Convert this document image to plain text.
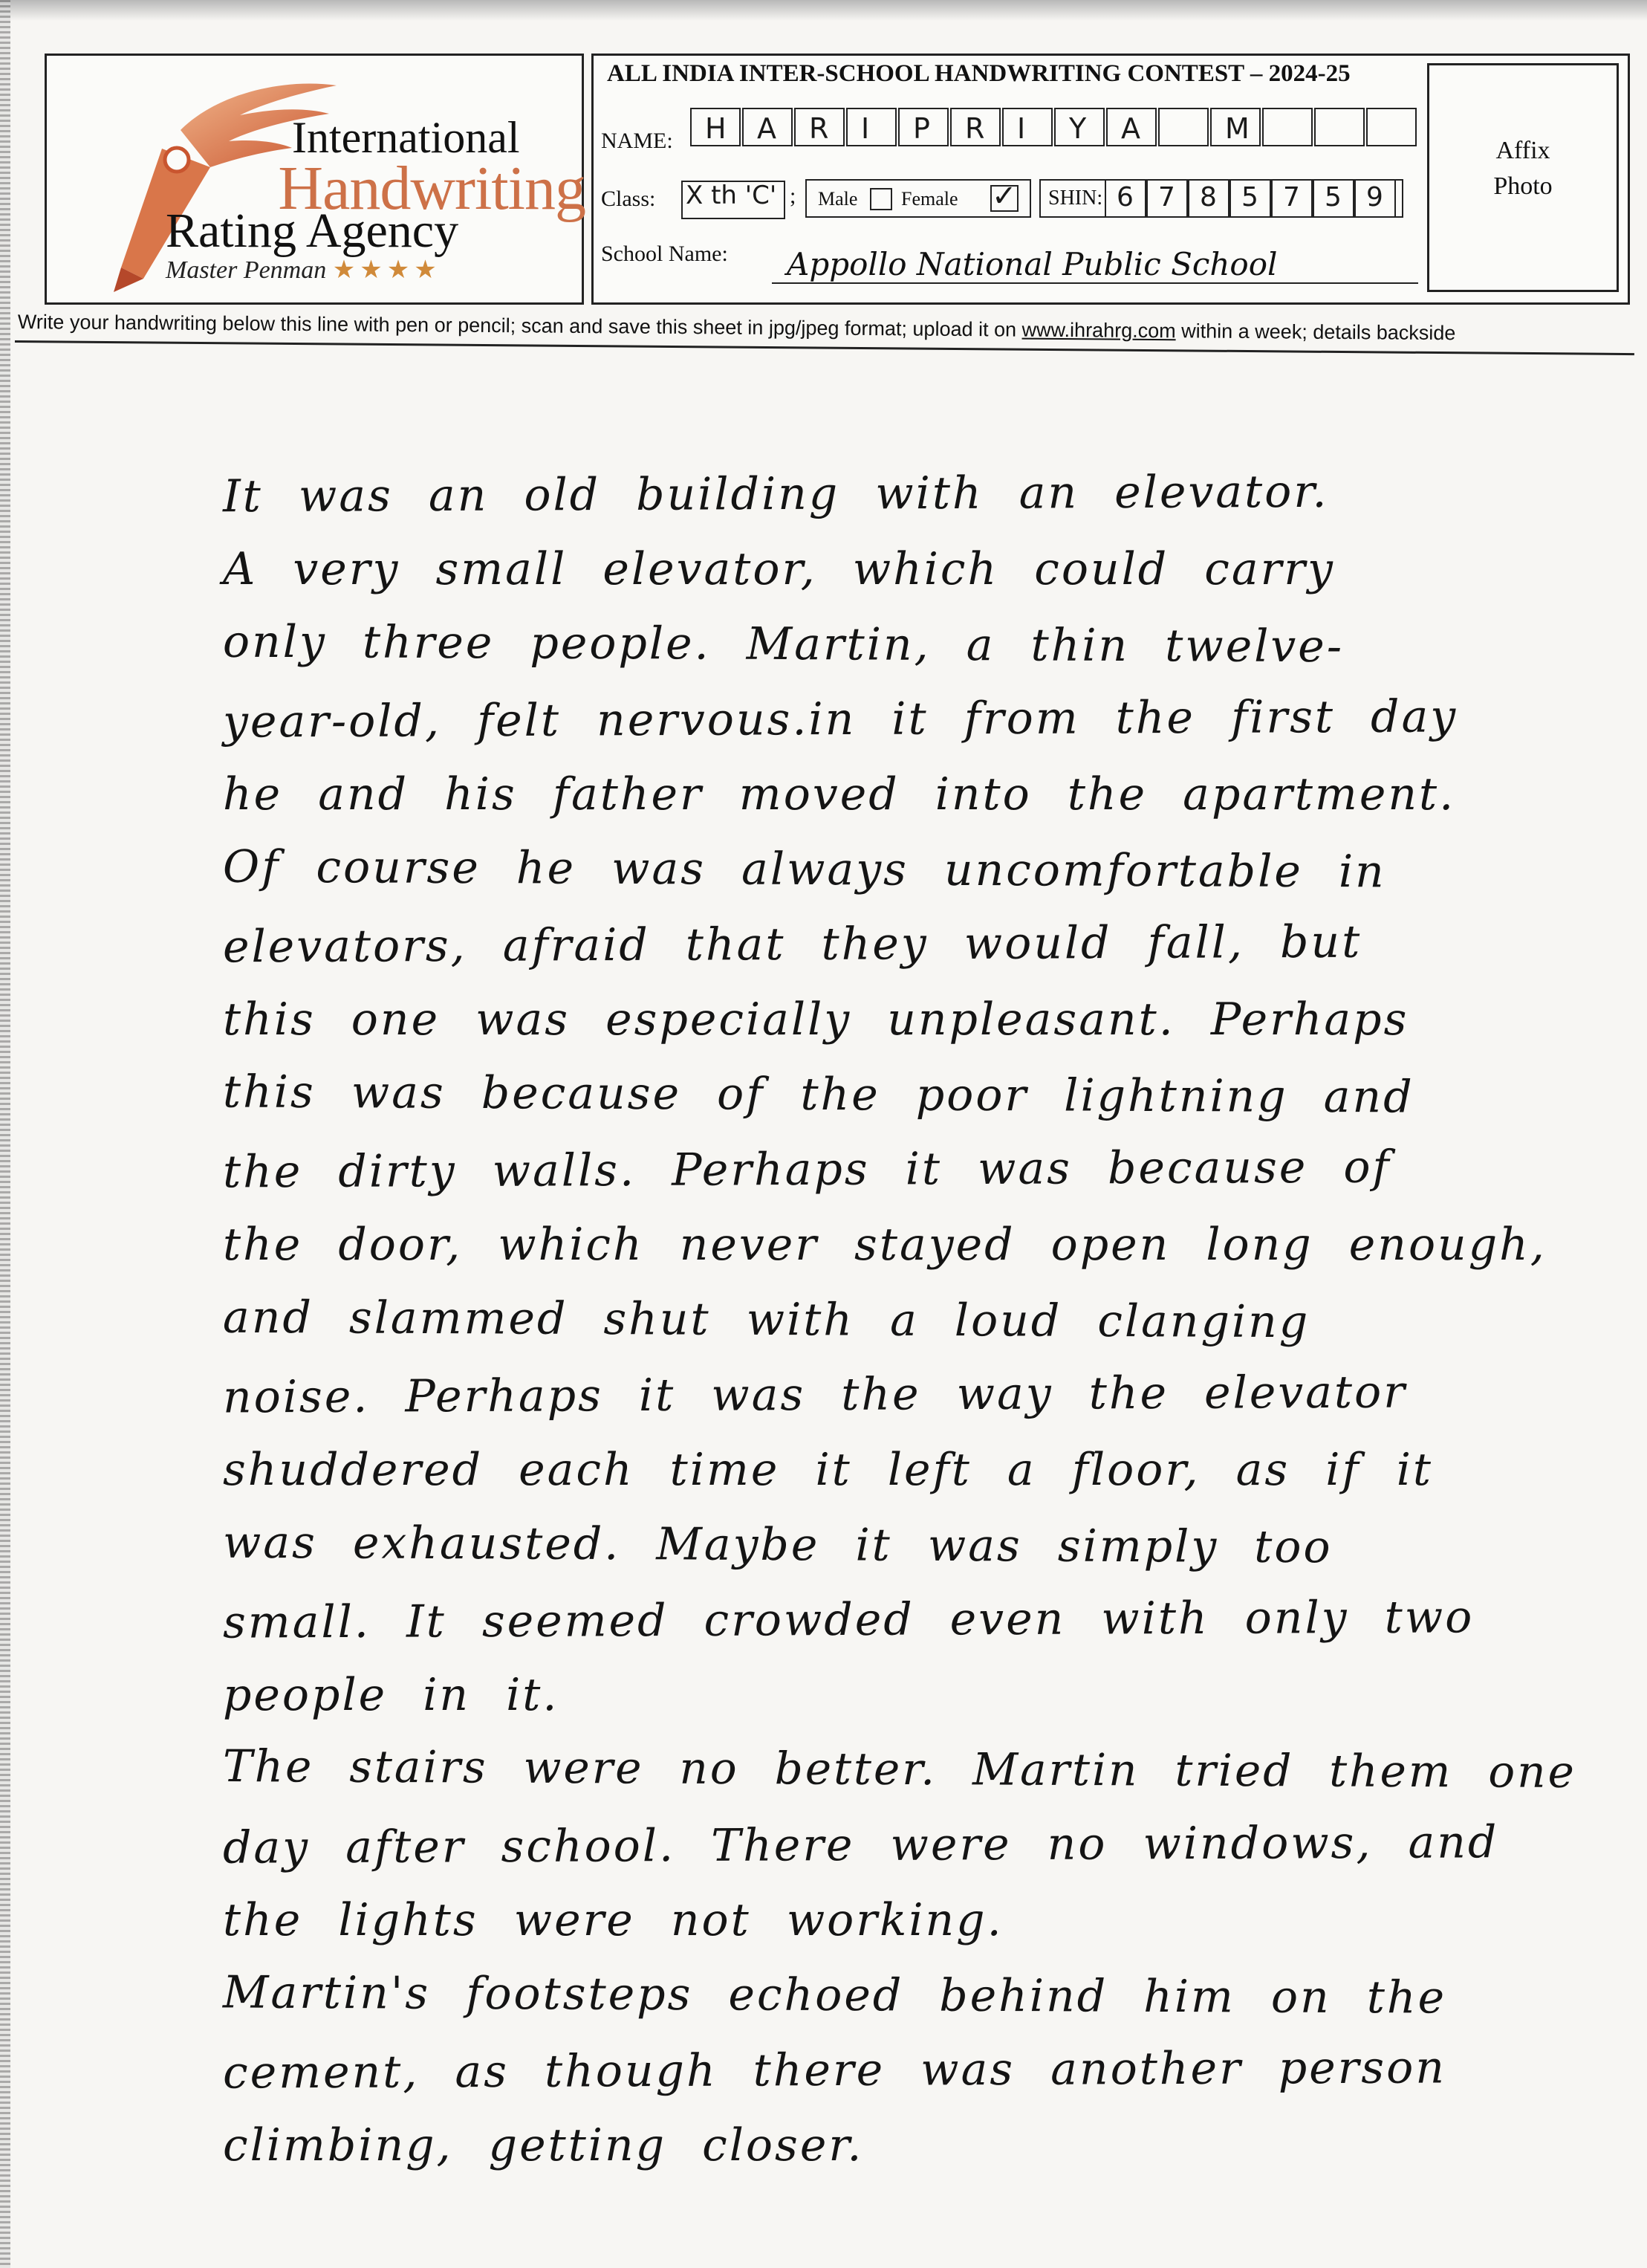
International
Handwriting
Rating Agency
Master Penman ★★★★
ALL INDIA INTER-SCHOOL HANDWRITING CONTEST – 2024-25
NAME: H A R I P R I Y A	M
Class: X th 'C' ; Male Female ✓ SHIN: 6 7 8 5 7 5 9
School Name: Appollo National Public School
Affix
Photo
Write your handwriting below this line with pen or pencil; scan and save this sheet in jpg/jpeg format; upload it on www.ihrahrg.com within a week; details backside
It was an old building with an elevator.
A very small elevator, which could carry
only three people. Martin, a thin twelve-
year-old, felt nervous.in it from the first day
he and his father moved into the apartment.
Of course he was always uncomfortable in
elevators, afraid that they would fall, but
this one was especially unpleasant. Perhaps
this was because of the poor lightning and
the dirty walls. Perhaps it was because of
the door, which never stayed open long enough,
and slammed shut with a loud clanging
noise. Perhaps it was the way the elevator
shuddered each time it left a floor, as if it
was exhausted. Maybe it was simply too
small. It seemed crowded even with only two
people in it.
The stairs were no better. Martin tried them one
day after school. There were no windows, and
the lights were not working.
Martin's footsteps echoed behind him on the
cement, as though there was another person
climbing, getting closer.
